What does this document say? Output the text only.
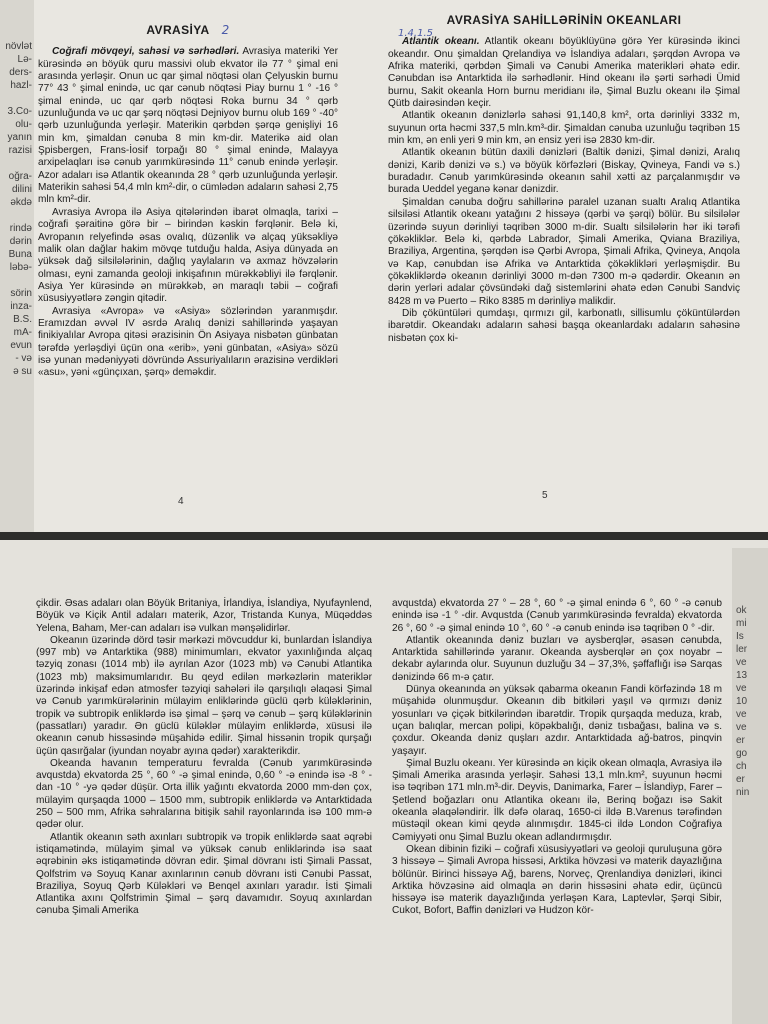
növlət

Lə-

ders-

hazl-

3.Co-

olu-

yanın

razisi

oğra-

dilini

əkdə

rində

dərin

Buna

ləbə-

sörin

inza-

B.S.

mA-

evun

- və

ə su

AVRASİYA 2

Coğrafi mövqeyi, sahəsi və sərhədləri. Avrasiya materiki Yer kürəsində ən böyük quru massivi olub ekvator ilə 77 ° şimal eni arasında yerləşir. Onun uc qar şimal nöqtəsi olan Çelyuskin burnu 77° 43 ° şimal enində, uc qar cənub nöqtəsi Piay burnu 1 ° -16 ° şimal enində, uc qar qərb nöqtəsi Roka burnu 34 ° qərb uzunluğunda və uc qar şərq nöqtəsi Dejniyov burnu olub 169 ° -40° qərb uzunluğunda yerləşir. Materikin qərbdən şərqə genişliyi 16 min km, şimaldan cənuba 8 min km-dir. Materikə aid olan Şpisbergen, Frans-İosif torpağı 80 ° şimal enində, Malayya arxipelaqları isə cənub yarımkürəsində 11° cənub enində yerləşir. Azor adaları isə Atlantik okeanında 28 ° qərb uzunluğunda yerləşir. Materikin sahəsi 54,4 mln km²-dir, o cümlədən adaların sahəsi 2,75 mln km²-dir.

Avrasiya Avropa ilə Asiya qitələrindən ibarət olmaqla, tarixi – coğrafi şəraitinə görə bir – birindən kəskin fərqlənir. Belə ki, Avropanın relyefində əsas ovalıq, düzənlik və alçaq yüksəkliyə malik olan dağlar hakim mövqe tutduğu halda, Asiya dünyada ən yüksək dağ silsilələrinin, dağlıq yaylaların və axmaz hövzələrin olması, eyni zamanda geoloji inkişafının mürəkkəbliyi ilə fərqlənir. Asiya Yer kürəsində ən mürəkkəb, ən maraqlı təbii – coğrafi xüsusiyyətlərə zəngin qitədir.

Avrasiya «Avropa» və «Asiya» sözlərindən yaranmışdır. Eramızdan əvvəl IV əsrdə Aralıq dənizi sahillərində yaşayan finikiyalılar Avropa qitəsi ərazisinin Ön Asiyaya nisbətən günbatan tərəfdə yerləşdiyi üçün ona «erib», yəni günbatan, «Asiya» sözü isə yunan mədəniyyəti dövründə Assuriyalıların ərazisinə verdikləri «asu», yəni «günçıxan, şərq» deməkdir.

4
AVRASİYA SAHİLLƏRİNİN OKEANLARI

Atlantik okeanı. Atlantik okeanı böyüklüyünə görə Yer kürəsində ikinci okeandır. Onu şimaldan Qrelandiya və İslandiya adaları, şərqdən Avropa və Afrika materiki, qərbdən Şimali və Cənubi Amerika materikləri əhatə edir. Cənubdan isə Antarktida ilə sərhədlənir. Hind okeanı ilə şərti sərhədi Ümid burnu, Sakit okeanla Horn burnu meridianı ilə, Şimal Buzlu okeanı ilə Şimal Qütb dairəsindən keçir.

Atlantik okeanın dənizlərlə sahəsi 91,140,8 km², orta dərinliyi 3332 m, suyunun orta həcmi 337,5 mln.km³-dir. Şimaldan cənuba uzunluğu təqribən 15 min km, ən enli yeri 9 min km, ən ensiz yeri isə 2830 km-dir.

Atlantik okeanın bütün daxili dənizləri (Baltik dənizi, Şimal dənizi, Aralıq dənizi, Karib dənizi və s.) və böyük körfəzləri (Biskay, Qvineya, Fandi və s.) buradadır. Cənub yarımkürəsində okeanın sahil xətti az parçalanmışdır və burada Ueddel yeganə kənar dənizdir.

Şimaldan cənuba doğru sahillərinə paralel uzanan sualtı Aralıq Atlantika silsiləsi Atlantik okeanı yatağını 2 hissəyə (qərbi və şərqi) bölür. Bu silsilələr üzərində suyun dərinliyi təqribən 3000 m-dir. Sualtı silsilələrin hər iki tərəfi çökəkliklər. Belə ki, qərbdə Labrador, Şimali Amerika, Qviana Braziliya, Braziliya, Argentina, şərqdən isə Qərbi Avropa, Şimali Afrika, Qvineya, Anqola və Kap, cənubdan isə Afrika və Antarktida çökəklikləri yerləşmişdir. Bu çökəkliklərdə okeanın dərinliyi 3000 m-dən 7300 m-ə qədərdir. Okeanın ən dərin yerləri adalar çövsündəki dağ sistemlərini əhatə edən Cənubi Sandviç 8428 m və Puerto – Riko 8385 m dərinliyə malikdir.

Dib çöküntüləri qumdaşı, qırmızı gil, karbonatlı, sillisumlu çöküntülərdən ibarətdir. Okeandakı adaların sahəsi başqa okeanlardakı adaların sahəsinə nisbətən çox ki-

5
1.4.1.5

çikdir. Əsas adaları olan Böyük Britaniya, İrlandiya, İslandiya, Nyufaynlend, Böyük və Kiçik Antil adaları materik, Azor, Tristanda Kunya, Müqəddəs Yelena, Baham, Mer-can adaları isə vulkan mənşəlidirlər.

Okeanın üzərində dörd təsir mərkəzi mövcuddur ki, bunlardan İslandiya (997 mb) və Antarktika (988) minimumları, ekvator yaxınlığında alçaq təzyiq zonası (1014 mb) ilə ayrılan Azor (1023 mb) və Cənubi Atlantika (1023 mb) maksimumlarıdır. Bu qeyd edilən mərkəzlərin materiklər üzərində inkişaf edən atmosfer təzyiqi sahələri ilə qarşılıqlı əlaqəsi Şimal və Cənub yarımkürələrinin mülayim enliklərində güclü qərb küləklərinin, tropik və subtropik enliklərdə isə şimal – şərq və cənub – şərq küləklərinin (passatları) yaradır. Ən güclü küləklər mülayim enliklərdə, xüsusi ilə okeanın cənub hissəsində müşahidə edilir. Şimal hissənin tropik qurşağı üçün qasırğalar (iyundan noyabr ayına qədər) xarakterikdir.

Okeanda havanın temperaturu fevralda (Cənub yarımkürəsində avqustda) ekvatorda 25 °, 60 ° -ə şimal enində, 0,60 ° -ə enində isə -8 ° -dan -10 ° -yə qədər düşür. Orta illik yağıntı ekvatorda 2000 mm-dən çox, mülayim qurşaqda 1000 – 1500 mm, subtropik enliklərdə və Antarktidada 250 – 500 mm, Afrika səhralarına bitişik sahil rayonlarında isə 100 mm-ə qədər olur.

Atlantik okeanın səth axınları subtropik və tropik enliklərdə saat əqrəbi istiqamətində, mülayim şimal və yüksək cənub enliklərində isə saat əqrəbinin əks istiqamətində dövran edir. Şimal dövranı isti Şimali Passat, Qolfstrim və Soyuq Kanar axınlarının cənub dövranı isti Cənubi Passat, Braziliya, Soyuq Qərb Küləkləri və Benqel axınları yaradır. İsti Şimali Atlantika axını Qolfstrimin Şimal – şərq davamıdır. Soyuq axınlardan cənuba Şimali Amerika

avqustda) ekvatorda 27 ° – 28 °, 60 ° -ə şimal enində 6 °, 60 ° -ə cənub enində isə -1 ° -dir. Avqustda (Cənub yarımkürəsində fevralda) ekvatorda 26 °, 60 ° -ə şimal enində 10 °, 60 ° -ə cənub enində isə təqribən 0 ° -dir.

Atlantik okeanında dəniz buzları və aysberqlər, əsasən cənubda, Antarktida sahillərində yaranır. Okeanda aysberqlər ən çox noyabr – dekabr aylarında olur. Suyunun duzluğu 34 – 37,3%, şəffaflığı isə Sarqas dənizində 66 m-ə çatır.

Dünya okeanında ən yüksək qabarma okeanın Fandi körfəzində 18 m müşahidə olunmuşdur. Okeanın dib bitkiləri yaşıl və qırmızı dəniz yosunları və çiçək bitkilərindən ibarətdir. Tropik qurşaqda meduza, krab, uçan balıqlar, mercan polipi, köpəkbalığı, dəniz tısbağası, balina və s. çoxdur. Okeanda dəniz quşları azdır. Antarktidada ağ-batros, pinqvin yaşayır.

Şimal Buzlu okeanı. Yer kürəsində ən kiçik okean olmaqla, Avrasiya ilə Şimali Amerika arasında yerləşir. Sahəsi 13,1 mln.km², suyunun həcmi isə təqribən 171 mln.m³-dir. Deyvis, Danimarka, Farer – İslandiyp, Farer – Şetlend boğazları onu Atlantika okeanı ilə, Berinq boğazı isə Sakit okeanla əlaqələndirir. İlk dəfə olaraq, 1650-ci ildə B.Varenus tərəfindən müstəqil okean kimi qeydə alınmışdır. 1845-ci ildə London Coğrafiya Cəmiyyəti onu Şimal Buzlu okean adlandırmışdır.

Okean dibinin fiziki – coğrafi xüsusiyyətləri və geoloji quruluşuna görə 3 hissəyə – Şimali Avropa hissəsi, Arktika hövzəsi və materik dayazlığına bölünür. Birinci hissəyə Ağ, barens, Norveç, Qrenlandiya dənizləri, ikinci Arktika hövzəsinə aid olmaqla ən dərin hissəsini əhatə edir, üçüncü hissəyə isə materik dayazlığında yerləşən Kara, Laptevlər, Şərqi Sibir, Cukot, Bofort, Baffin dənizləri və Hudzon kör-

ok

mi

Is

ler

ve

13

ve

10

ve

ve

er

go

ch

er

nin
